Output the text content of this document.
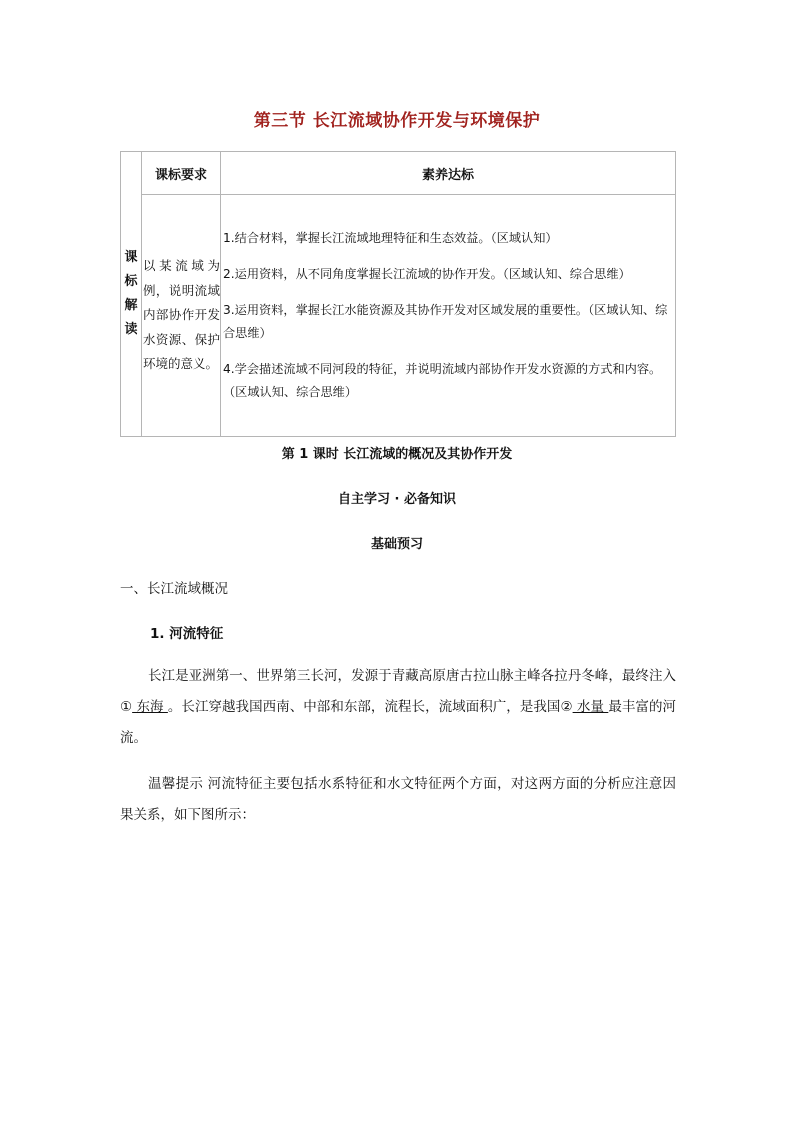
第三节 长江流域协作开发与环境保护
课
标
解
读	课标要求	素养达标
	以某流域为例，说明流域内部协作开发水资源、保护环境的意义。	1.结合材料，掌握长江流域地理特征和生态效益。（区域认知）

2.运用资料，从不同角度掌握长江流域的协作开发。（区域认知、综合思维）

3.运用资料，掌握长江水能资源及其协作开发对区域发展的重要性。（区域认知、综合思维）

4.学会描述流域不同河段的特征，并说明流域内部协作开发水资源的方式和内容。（区域认知、综合思维）

第 1 课时 长江流域的概况及其协作开发
自主学习 · 必备知识
基础预习
一、长江流域概况
1. 河流特征

长江是亚洲第一、世界第三长河，发源于青藏高原唐古拉山脉主峰各拉丹冬峰，最终注入① 东海 。长江穿越我国西南、中部和东部，流程长，流域面积广，是我国② 水量 最丰富的河流。

温馨提示 河流特征主要包括水系特征和水文特征两个方面，对这两方面的分析应注意因果关系，如下图所示：
